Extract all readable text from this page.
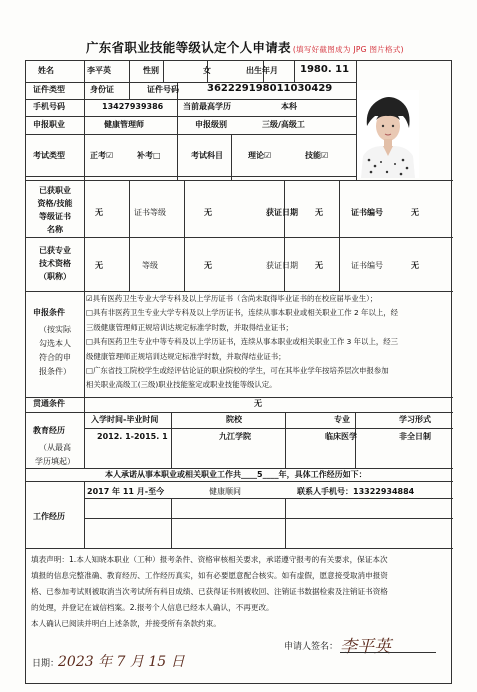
广东省职业技能等级认定个人申请表 (填写好截图成为 JPG 图片格式)
姓名	李平英	性别	女	出生年月 1980. 11
证件类型	身份证	证件号码	362229198011030429
手机号码	13427939386 当前最高学历	本科
申报职业	健康管理师	申报级别	三级/高级工
考试类型	正考☑	补考□	考试科目	理论☑	技能☑
已获职业
资格/技能
等级证书
名称
无	证书等级	无	获证日期 无	证书编号	无
已获专业
技术资格
（职称）
无	等级	无	获证日期 无	证书编号	无
申报条件
（按实际
勾选本人
符合的申
报条件）
☑具有医药卫生专业大学专科及以上学历证书（含尚未取得毕业证书的在校应届毕业生）；
□具有非医药卫生专业大学专科及以上学历证书，连续从事本职业或相关职业工作 2 年以上，经
三级健康管理师正规培训达规定标准学时数，并取得结业证书；
□具有医药卫生专业中等专科及以上学历证书，连续从事本职业或相关职业工作 3 年以上，经三
级健康管理师正规培训达规定标准学时数，并取得结业证书；
□广东省技工院校学生或经评估论证的职业院校的学生，可在其毕业学年按培养层次申报参加
相关职业高级工(三级)职业技能鉴定或职业技能等级认定。
贯通条件	无
教育经历
（从最高
学历填起）
入学时间-毕业时间	院校	专业	学习形式
2012. 1-2015. 1	九江学院	临床医学	非全日制
本人承诺从事本职业或相关职业工作共____5____年，具体工作经历如下：
工作经历
2017 年 11 月-至今	健康顺间	联系人手机号：13322934884
填表声明：1.本人知晓本职业（工种）报考条件、资格审核相关要求，承诺遵守报考的有关要求，保证本次
填报的信息完整准确、教育经历、工作经历真实，如有必要愿意配合核实。如有虚假，愿意接受取消申报资
格、已参加考试则被取消当次考试所有科目成绩、已获得证书则被收回、注销证书数据检索及注销证书资格
的处理，并登记在诚信档案。2.报考个人信息已经本人确认，不再更改。
本人确认已阅读并明白上述条款，并接受所有条款约束。
申请人签名： 李平英
日期：
2023 年 7 月 15 日
